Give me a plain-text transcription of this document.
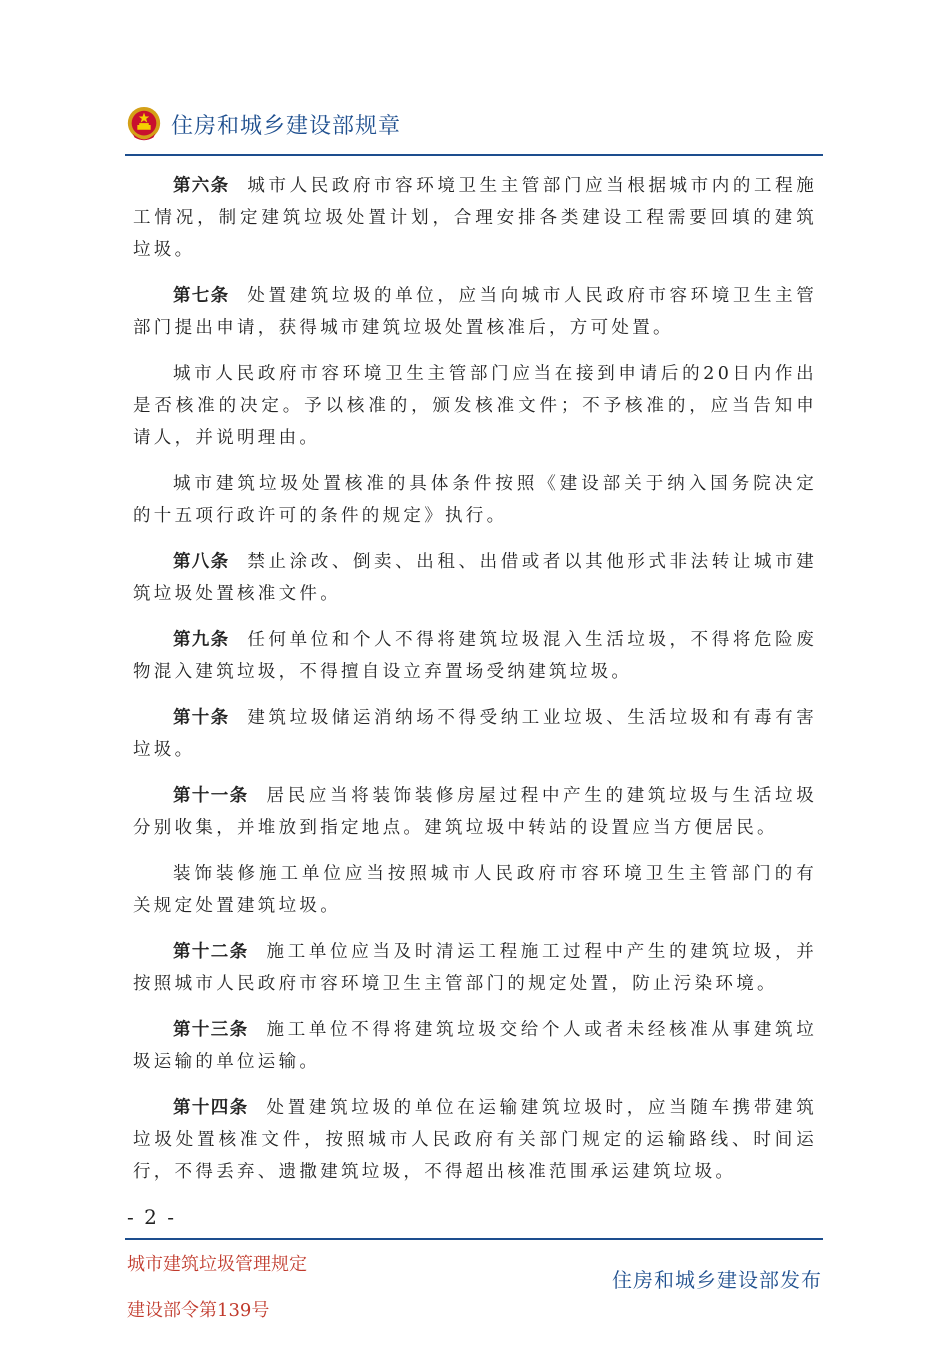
住房和城乡建设部规章

第六条 城市人民政府市容环境卫生主管部门应当根据城市内的工程施工情况，制定建筑垃圾处置计划，合理安排各类建设工程需要回填的建筑垃圾。

第七条 处置建筑垃圾的单位，应当向城市人民政府市容环境卫生主管部门提出申请，获得城市建筑垃圾处置核准后，方可处置。

城市人民政府市容环境卫生主管部门应当在接到申请后的20日内作出是否核准的决定。予以核准的，颁发核准文件；不予核准的，应当告知申请人，并说明理由。

城市建筑垃圾处置核准的具体条件按照《建设部关于纳入国务院决定的十五项行政许可的条件的规定》执行。

第八条 禁止涂改、倒卖、出租、出借或者以其他形式非法转让城市建筑垃圾处置核准文件。

第九条 任何单位和个人不得将建筑垃圾混入生活垃圾，不得将危险废物混入建筑垃圾，不得擅自设立弃置场受纳建筑垃圾。

第十条 建筑垃圾储运消纳场不得受纳工业垃圾、生活垃圾和有毒有害垃圾。

第十一条 居民应当将装饰装修房屋过程中产生的建筑垃圾与生活垃圾分别收集，并堆放到指定地点。建筑垃圾中转站的设置应当方便居民。

装饰装修施工单位应当按照城市人民政府市容环境卫生主管部门的有关规定处置建筑垃圾。

第十二条 施工单位应当及时清运工程施工过程中产生的建筑垃圾，并按照城市人民政府市容环境卫生主管部门的规定处置，防止污染环境。

第十三条 施工单位不得将建筑垃圾交给个人或者未经核准从事建筑垃圾运输的单位运输。

第十四条 处置建筑垃圾的单位在运输建筑垃圾时，应当随车携带建筑垃圾处置核准文件，按照城市人民政府有关部门规定的运输路线、时间运行，不得丢弃、遗撒建筑垃圾，不得超出核准范围承运建筑垃圾。

- 2 -
城市建筑垃圾管理规定
建设部令第139号
住房和城乡建设部发布
